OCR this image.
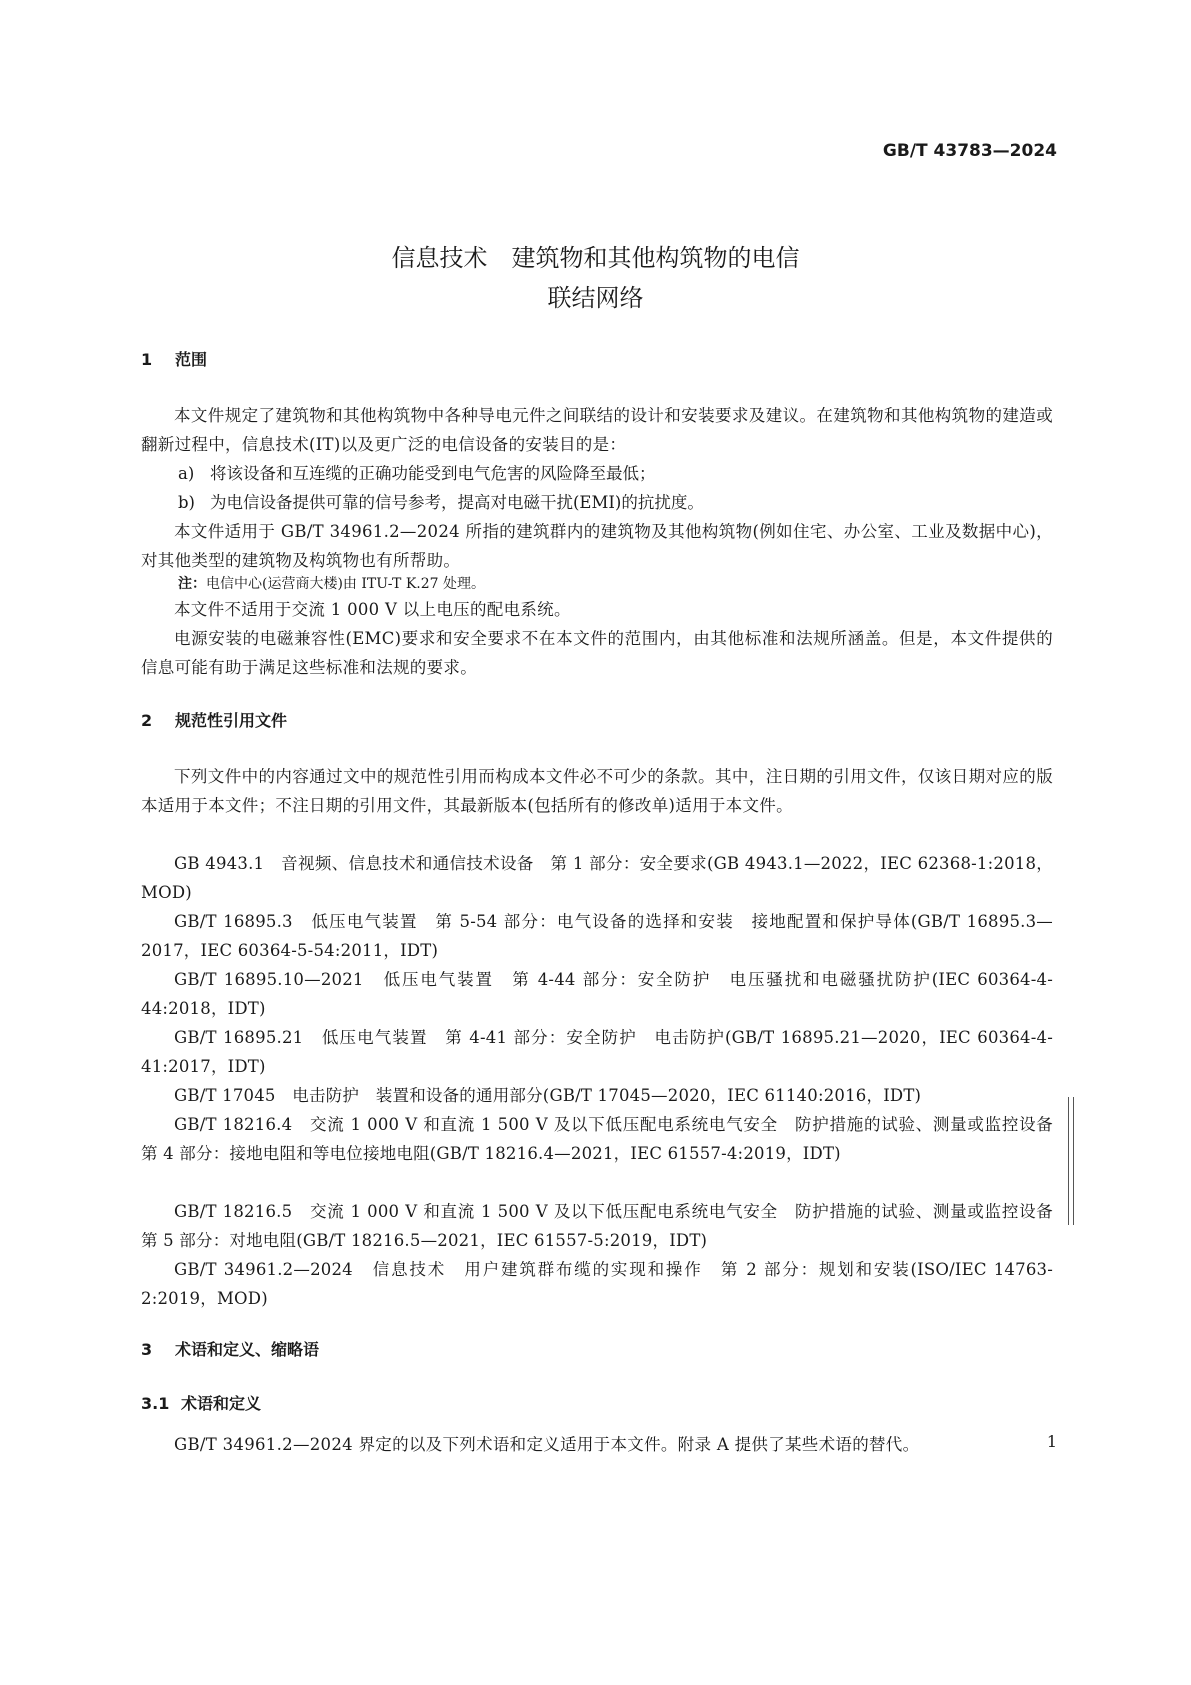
GB/T 43783—2024

信息技术　建筑物和其他构筑物的电信
联结网络
1 范围

本文件规定了建筑物和其他构筑物中各种导电元件之间联结的设计和安装要求及建议。在建筑物和其他构筑物的建造或翻新过程中，信息技术(IT)以及更广泛的电信设备的安装目的是：

a) 将该设备和互连缆的正确功能受到电气危害的风险降至最低；

b) 为电信设备提供可靠的信号参考，提高对电磁干扰(EMI)的抗扰度。

本文件适用于 GB/T 34961.2—2024 所指的建筑群内的建筑物及其他构筑物(例如住宅、办公室、工业及数据中心)，对其他类型的建筑物及构筑物也有所帮助。

注：电信中心(运营商大楼)由 ITU-T K.27 处理。

本文件不适用于交流 1 000 V 以上电压的配电系统。

电源安装的电磁兼容性(EMC)要求和安全要求不在本文件的范围内，由其他标准和法规所涵盖。但是，本文件提供的信息可能有助于满足这些标准和法规的要求。

2 规范性引用文件

下列文件中的内容通过文中的规范性引用而构成本文件必不可少的条款。其中，注日期的引用文件，仅该日期对应的版本适用于本文件；不注日期的引用文件，其最新版本(包括所有的修改单)适用于本文件。

GB 4943.1　音视频、信息技术和通信技术设备　第 1 部分：安全要求(GB 4943.1—2022，IEC 62368-1:2018，MOD)

GB/T 16895.3　低压电气装置　第 5-54 部分：电气设备的选择和安装　接地配置和保护导体(GB/T 16895.3—2017，IEC 60364-5-54:2011，IDT)

GB/T 16895.10—2021　低压电气装置　第 4-44 部分：安全防护　电压骚扰和电磁骚扰防护(IEC 60364-4-44:2018，IDT)

GB/T 16895.21　低压电气装置　第 4-41 部分：安全防护　电击防护(GB/T 16895.21—2020，IEC 60364-4-41:2017，IDT)

GB/T 17045　电击防护　装置和设备的通用部分(GB/T 17045—2020，IEC 61140:2016，IDT)

GB/T 18216.4　交流 1 000 V 和直流 1 500 V 及以下低压配电系统电气安全　防护措施的试验、测量或监控设备　第 4 部分：接地电阻和等电位接地电阻(GB/T 18216.4—2021，IEC 61557-4:2019，IDT)

GB/T 18216.5　交流 1 000 V 和直流 1 500 V 及以下低压配电系统电气安全　防护措施的试验、测量或监控设备　第 5 部分：对地电阻(GB/T 18216.5—2021，IEC 61557-5:2019，IDT)

GB/T 34961.2—2024　信息技术　用户建筑群布缆的实现和操作　第 2 部分：规划和安装(ISO/IEC 14763-2:2019，MOD)

3 术语和定义、缩略语
3.1 术语和定义

GB/T 34961.2—2024 界定的以及下列术语和定义适用于本文件。附录 A 提供了某些术语的替代。	1
